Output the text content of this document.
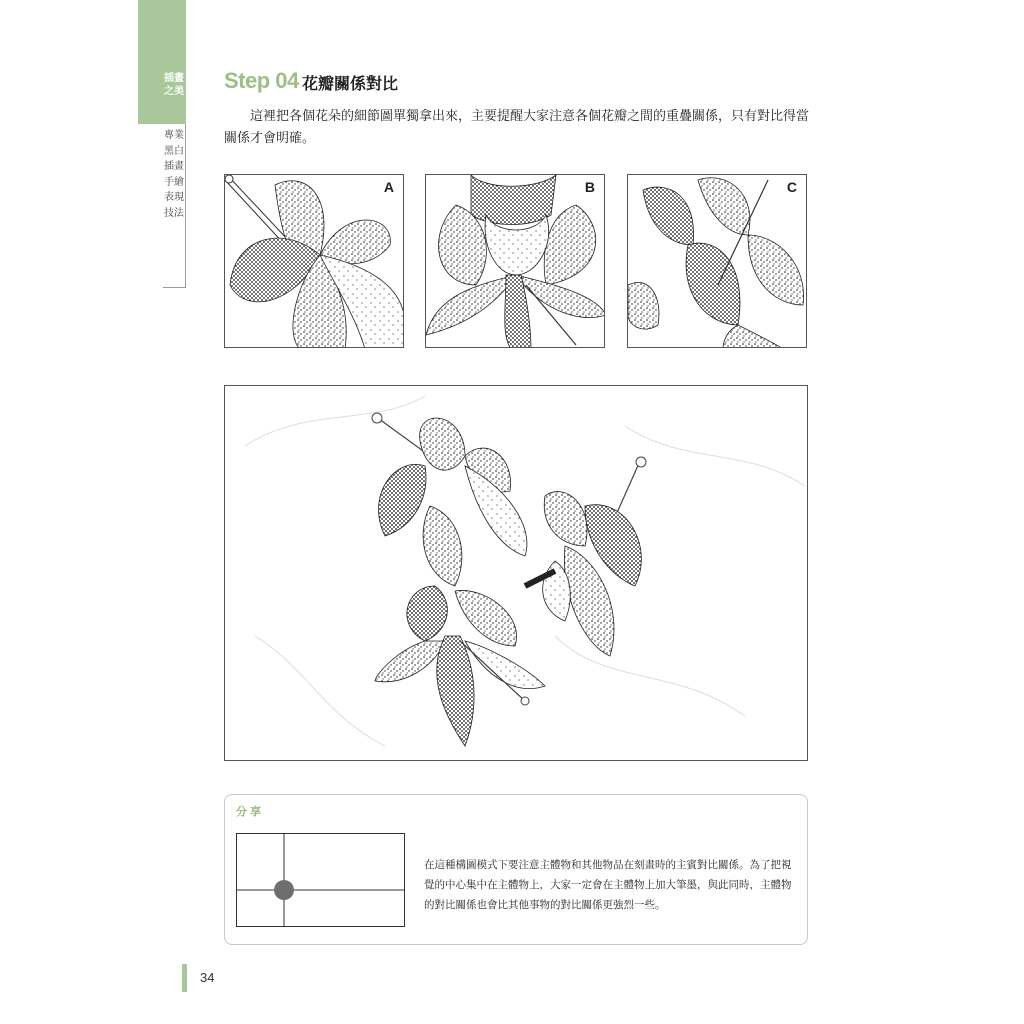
插畫之美
專業黑白插畫手繪表現技法
Step 04 花瓣關係對比
這裡把各個花朵的細節圖單獨拿出來，主要提醒大家注意各個花瓣之間的重疊關係，只有對比得當關係才會明確。
A	B	C
分享
在這種構圖模式下要注意主體物和其他物品在刻畫時的主賓對比關係。為了把視覺的中心集中在主體物上，大家一定會在主體物上加大筆墨，與此同時，主體物的對比關係也會比其他事物的對比關係更強烈一些。
34
